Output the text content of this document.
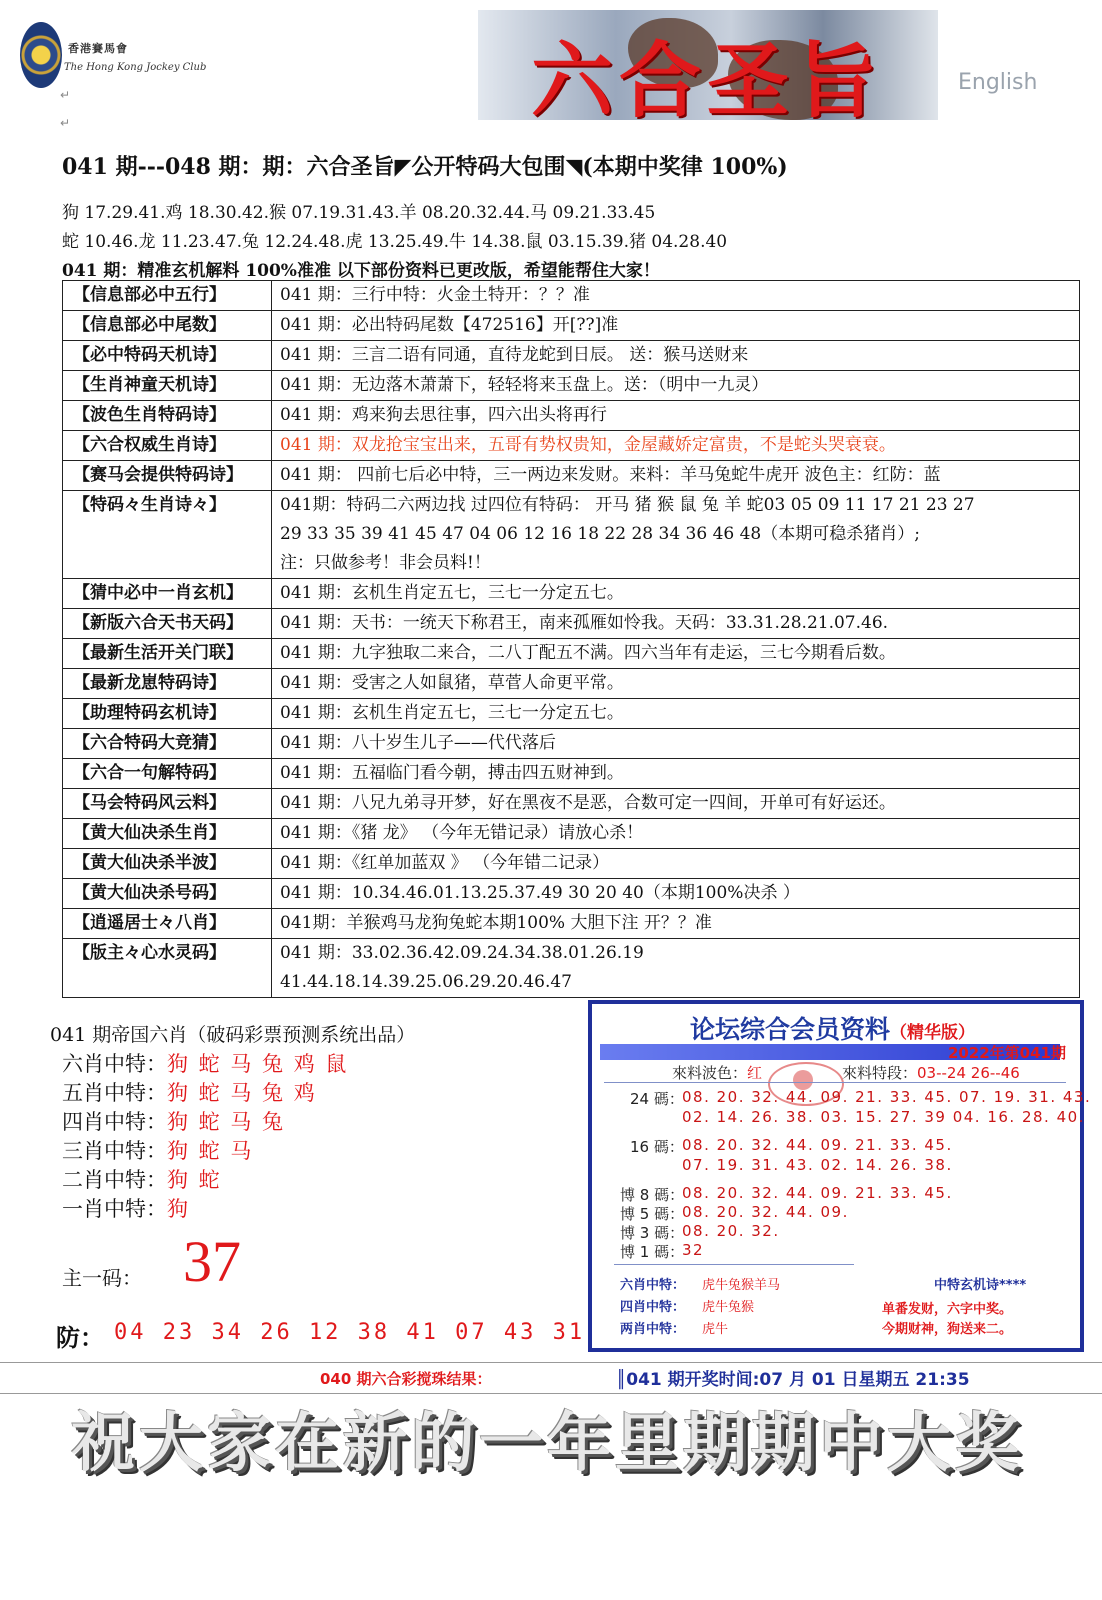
香港賽馬會
The Hong Kong Jockey Club
↵
↵	六合圣旨	English
041 期---048 期：期：六合圣旨◤公开特码大包围◥(本期中奖律 100%)
狗 17.29.41.鸡 18.30.42.猴 07.19.31.43.羊 08.20.32.44.马 09.21.33.45
蛇 10.46.龙 11.23.47.兔 12.24.48.虎 13.25.49.牛 14.38.鼠 03.15.39.猪 04.28.40
041 期：精准玄机解料 100%准准 以下部份资料已更改版，希望能帮住大家！
【信息部必中五行】	041 期：三行中特：火金土特开：？？准

【信息部必中尾数】	041 期：必出特码尾数【472516】开[??]准

【必中特码天机诗】	041 期：三言二语有同通，直待龙蛇到日辰。 送：猴马送财来

【生肖神童天机诗】	041 期：无边落木萧萧下，轻轻将来玉盘上。送：（明中一九灵）

【波色生肖特码诗】	041 期：鸡来狗去思往事，四六出头将再行

【六合权威生肖诗】	041 期：双龙抢宝宝出来，五哥有势权贵知，金屋藏娇定富贵，不是蛇头哭衰衰。

【赛马会提供特码诗】	041 期： 四前七后必中特，三一两边来发财。来料：羊马兔蛇牛虎开 波色主：红防：蓝

【特码々生肖诗々】	041期：特码二六两边找 过四位有特码： 开马 猪 猴 鼠 兔 羊 蛇03 05 09 11 17 21 23 27
29 33 35 39 41 45 47 04 06 12 16 18 22 28 34 36 46 48（本期可稳杀猪肖）;
注：只做参考！非会员料!！

【猜中必中一肖玄机】	041 期：玄机生肖定五七，三七一分定五七。

【新版六合天书天码】	041 期：天书：一统天下称君王，南来孤雁如怜我。天码：33.31.28.21.07.46.

【最新生活开关门联】	041 期：九字独取二来合，二八丁配五不满。四六当年有走运，三七今期看后数。

【最新龙崽特码诗】	041 期：受害之人如鼠猪，草菅人命更平常。

【助理特码玄机诗】	041 期：玄机生肖定五七，三七一分定五七。

【六合特码大竞猜】	041 期：八十岁生儿子——代代落后

【六合一句解特码】	041 期：五福临门看今朝，搏击四五财神到。

【马会特码风云料】	041 期：八兄九弟寻开梦，好在黑夜不是恶，合数可定一四间，开单可有好运还。

【黄大仙决杀生肖】	041 期：《猪 龙》 （今年无错记录）请放心杀！

【黄大仙决杀半波】	041 期：《红单加蓝双 》 （今年错二记录）

【黄大仙决杀号码】	041 期：10.34.46.01.13.25.37.49 30 20 40（本期100%决杀 ）

【逍遥居士々八肖】	041期：羊猴鸡马龙狗兔蛇本期100% 大胆下注 开？？准

【版主々心水灵码】	041 期：33.02.36.42.09.24.34.38.01.26.19
41.44.18.14.39.25.06.29.20.46.47
041 期帝国六肖（破码彩票预测系统出品）
六肖中特：狗 蛇 马 兔 鸡 鼠
五肖中特：狗 蛇 马 兔 鸡
四肖中特：狗 蛇 马 兔
三肖中特：狗 蛇 马
二肖中特：狗 蛇
一肖中特：狗
主一码： 37
防： 04 23 34 26 12 38 41 07 43 31
论坛综合会员资料（精华版）
2022年第041期
來料波色：红	來料特段：03--24 26--46
24 碼：
08. 20. 32. 44. 09. 21. 33. 45. 07. 19. 31. 43.
02. 14. 26. 38. 03. 15. 27. 39 04. 16. 28. 40.
16 碼：
08. 20. 32. 44. 09. 21. 33. 45.
07. 19. 31. 43. 02. 14. 26. 38.
博 8 碼：
08. 20. 32. 44. 09. 21. 33. 45.
博 5 碼：
08. 20. 32. 44. 09.
博 3 碼：
08. 20. 32.
博 1 碼：
32
六肖中特： 虎牛兔猴羊马
四肖中特： 虎牛兔猴
两肖中特： 虎牛
中特玄机诗****
单番发财，六字中奖。
今期财神，狗送来二。
040 期六合彩搅珠结果：	║041 期开奖时间:07 月 01 日星期五 21:35
祝大家在新的一年里期期中大奖
